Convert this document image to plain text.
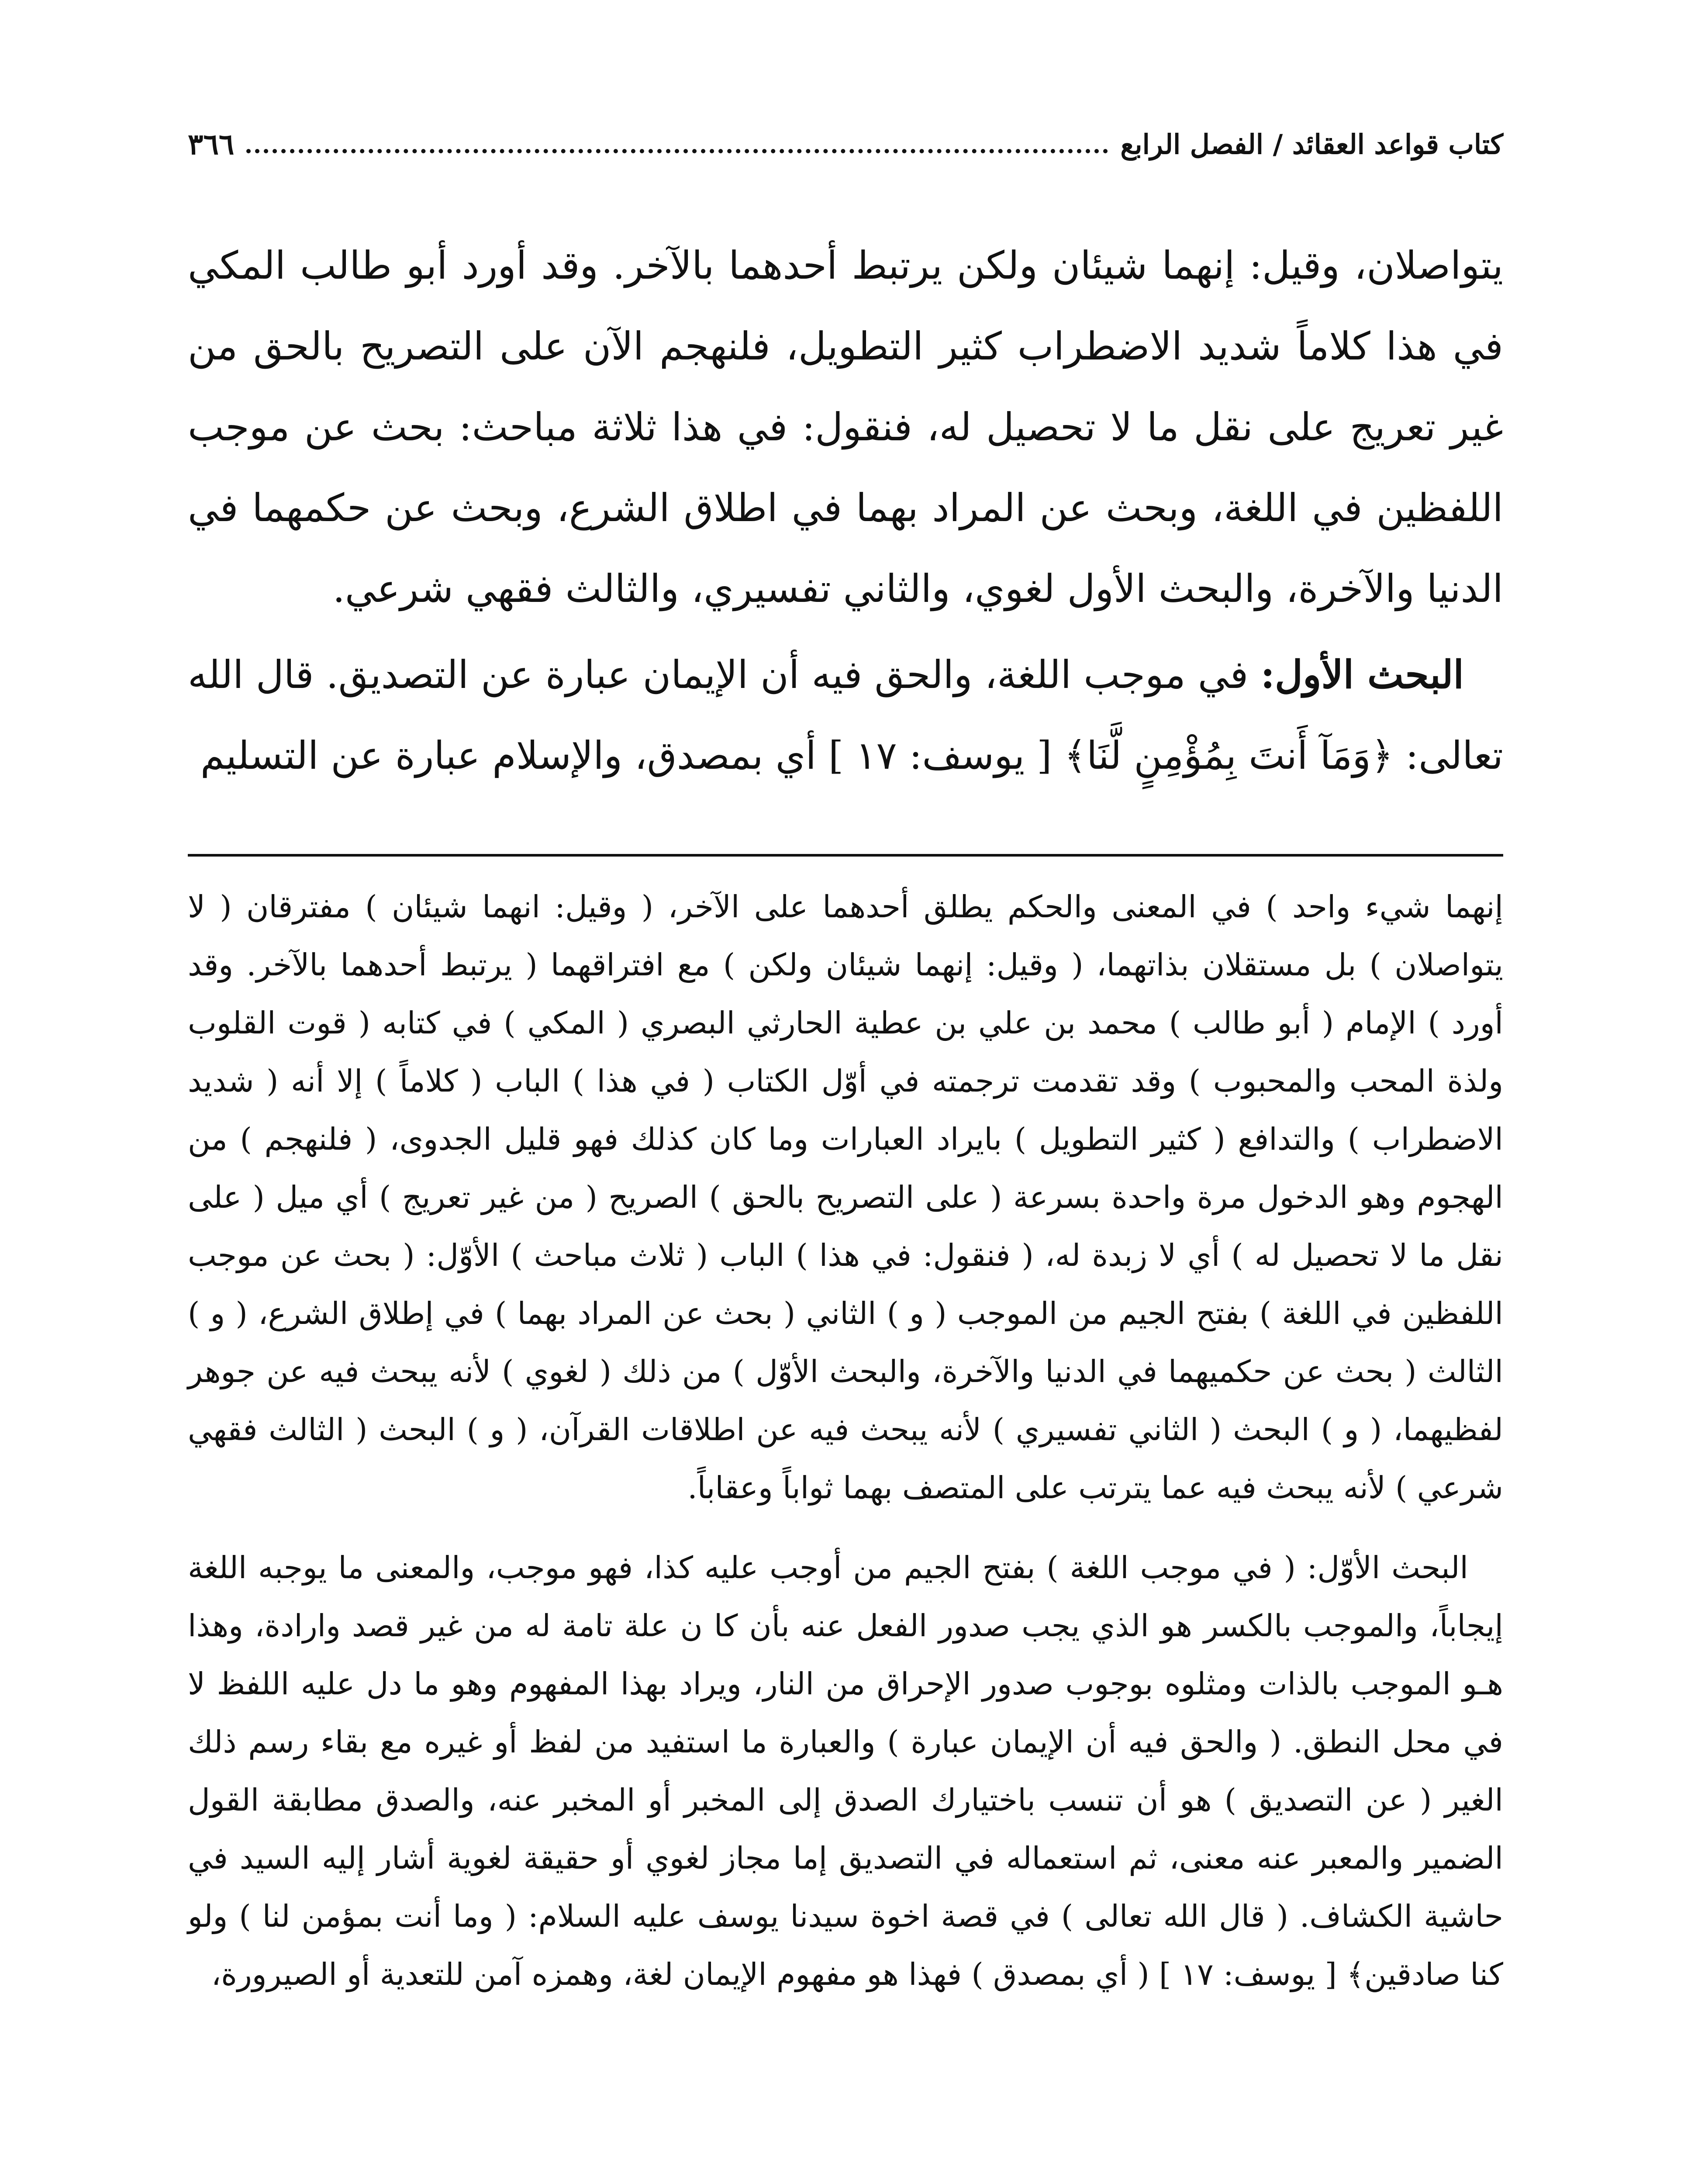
كتاب قواعد العقائد / الفصل الرابع
٣٦٦

يتواصلان، وقيل: إنهما شيئان ولكن يرتبط أحدهما بالآخر. وقد أورد أبو طالب المكي في هذا كلاماً شديد الاضطراب كثير التطويل، فلنهجم الآن على التصريح بالحق من غير تعريج على نقل ما لا تحصيل له، فنقول: في هذا ثلاثة مباحث: بحث عن موجب اللفظين في اللغة، وبحث عن المراد بهما في اطلاق الشرع، وبحث عن حكمهما في الدنيا والآخرة، والبحث الأول لغوي، والثاني تفسيري، والثالث فقهي شرعي.

البحث الأول: في موجب اللغة، والحق فيه أن الإيمان عبارة عن التصديق. قال الله تعالى: ﴿وَمَآ أَنتَ بِمُؤْمِنٍ لَّنَا﴾ [ يوسف: ١٧ ] أي بمصدق، والإسلام عبارة عن التسليم

إنهما شيء واحد ) في المعنى والحكم يطلق أحدهما على الآخر، ( وقيل: انهما شيئان ) مفترقان ( لا يتواصلان ) بل مستقلان بذاتهما، ( وقيل: إنهما شيئان ولكن ) مع افتراقهما ( يرتبط أحدهما بالآخر. وقد أورد ) الإمام ( أبو طالب ) محمد بن علي بن عطية الحارثي البصري ( المكي ) في كتابه ( قوت القلوب ولذة المحب والمحبوب ) وقد تقدمت ترجمته في أوّل الكتاب ( في هذا ) الباب ( كلاماً ) إلا أنه ( شديد الاضطراب ) والتدافع ( كثير التطويل ) بايراد العبارات وما كان كذلك فهو قليل الجدوى، ( فلنهجم ) من الهجوم وهو الدخول مرة واحدة بسرعة ( على التصريح بالحق ) الصريح ( من غير تعريج ) أي ميل ( على نقل ما لا تحصيل له ) أي لا زبدة له، ( فنقول: في هذا ) الباب ( ثلاث مباحث ) الأوّل: ( بحث عن موجب اللفظين في اللغة ) بفتح الجيم من الموجب ( و ) الثاني ( بحث عن المراد بهما ) في إطلاق الشرع، ( و ) الثالث ( بحث عن حكميهما في الدنيا والآخرة، والبحث الأوّل ) من ذلك ( لغوي ) لأنه يبحث فيه عن جوهر لفظيهما، ( و ) البحث ( الثاني تفسيري ) لأنه يبحث فيه عن اطلاقات القرآن، ( و ) البحث ( الثالث فقهي شرعي ) لأنه يبحث فيه عما يترتب على المتصف بهما ثواباً وعقاباً.

البحث الأوّل: ( في موجب اللغة ) بفتح الجيم من أوجب عليه كذا، فهو موجب، والمعنى ما يوجبه اللغة إيجاباً، والموجب بالكسر هو الذي يجب صدور الفعل عنه بأن كا ن علة تامة له من غير قصد وارادة، وهذا هـو الموجب بالذات ومثلوه بوجوب صدور الإحراق من النار، ويراد بهذا المفهوم وهو ما دل عليه اللفظ لا في محل النطق. ( والحق فيه أن الإيمان عبارة ) والعبارة ما استفيد من لفظ أو غيره مع بقاء رسم ذلك الغير ( عن التصديق ) هو أن تنسب باختيارك الصدق إلى المخبر أو المخبر عنه، والصدق مطابقة القول الضمير والمعبر عنه معنى، ثم استعماله في التصديق إما مجاز لغوي أو حقيقة لغوية أشار إليه السيد في حاشية الكشاف. ( قال الله تعالى ) في قصة اخوة سيدنا يوسف عليه السلام: ( وما أنت بمؤمن لنا ) ولو كنا صادقين﴾ [ يوسف: ١٧ ] ( أي بمصدق ) فهذا هو مفهوم الإيمان لغة، وهمزه آمن للتعدية أو الصيرورة،
